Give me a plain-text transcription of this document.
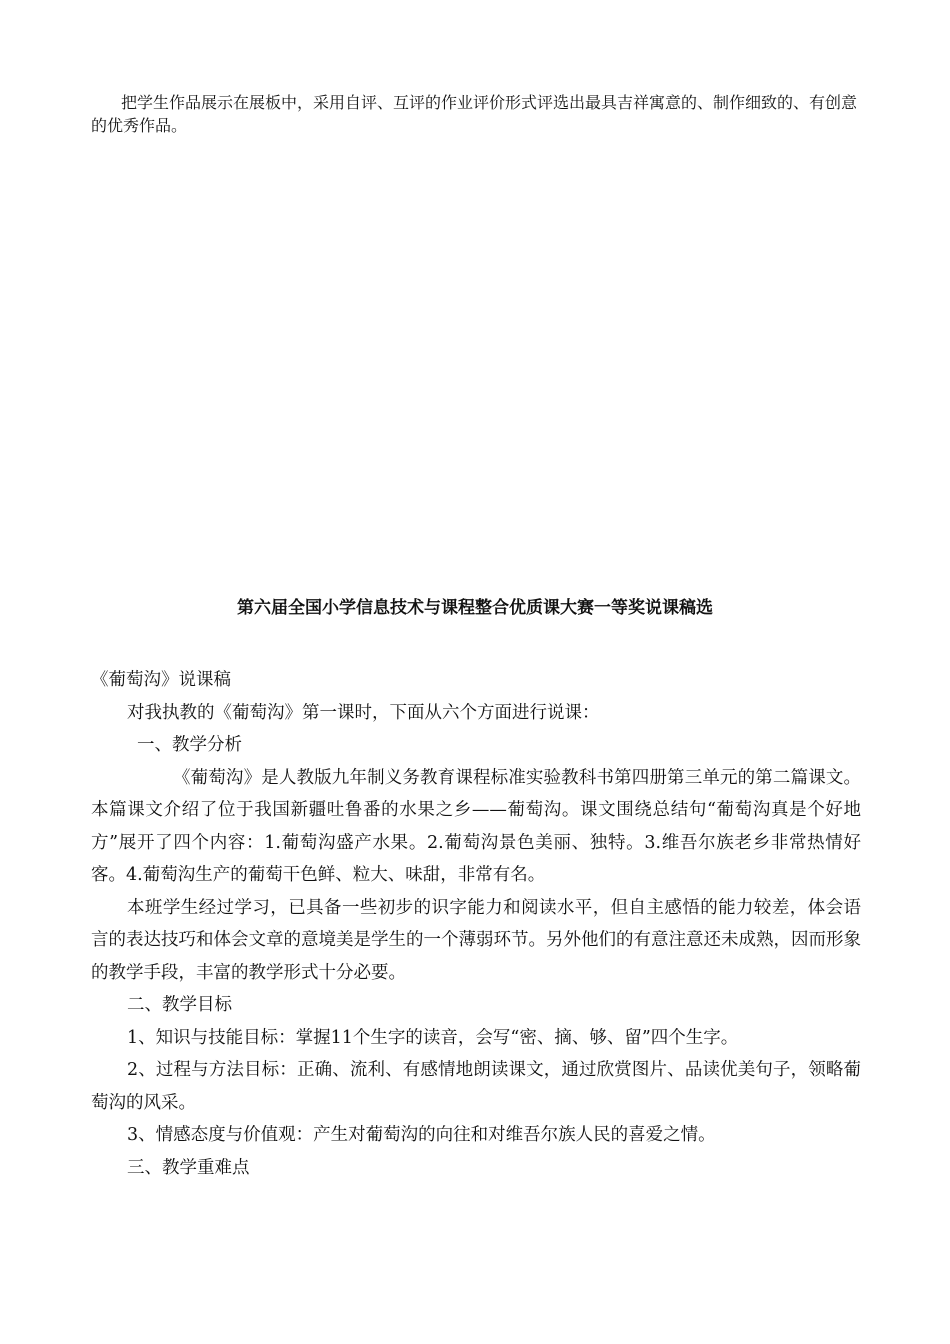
把学生作品展示在展板中，采用自评、互评的作业评价形式评选出最具吉祥寓意的、制作细致的、有创意的优秀作品。

第六届全国小学信息技术与课程整合优质课大赛一等奖说课稿选

《葡萄沟》说课稿

对我执教的《葡萄沟》第一课时，下面从六个方面进行说课：

一、教学分析

《葡萄沟》是人教版九年制义务教育课程标准实验教科书第四册第三单元的第二篇课文。本篇课文介绍了位于我国新疆吐鲁番的水果之乡——葡萄沟。课文围绕总结句“葡萄沟真是个好地方”展开了四个内容：1.葡萄沟盛产水果。2.葡萄沟景色美丽、独特。3.维吾尔族老乡非常热情好客。4.葡萄沟生产的葡萄干色鲜、粒大、味甜，非常有名。

本班学生经过学习，已具备一些初步的识字能力和阅读水平，但自主感悟的能力较差，体会语言的表达技巧和体会文章的意境美是学生的一个薄弱环节。另外他们的有意注意还未成熟，因而形象的教学手段，丰富的教学形式十分必要。

二、教学目标

1、知识与技能目标：掌握11个生字的读音，会写“密、摘、够、留”四个生字。

2、过程与方法目标：正确、流利、有感情地朗读课文，通过欣赏图片、品读优美句子，领略葡萄沟的风采。

3、情感态度与价值观：产生对葡萄沟的向往和对维吾尔族人民的喜爱之情。

三、教学重难点
